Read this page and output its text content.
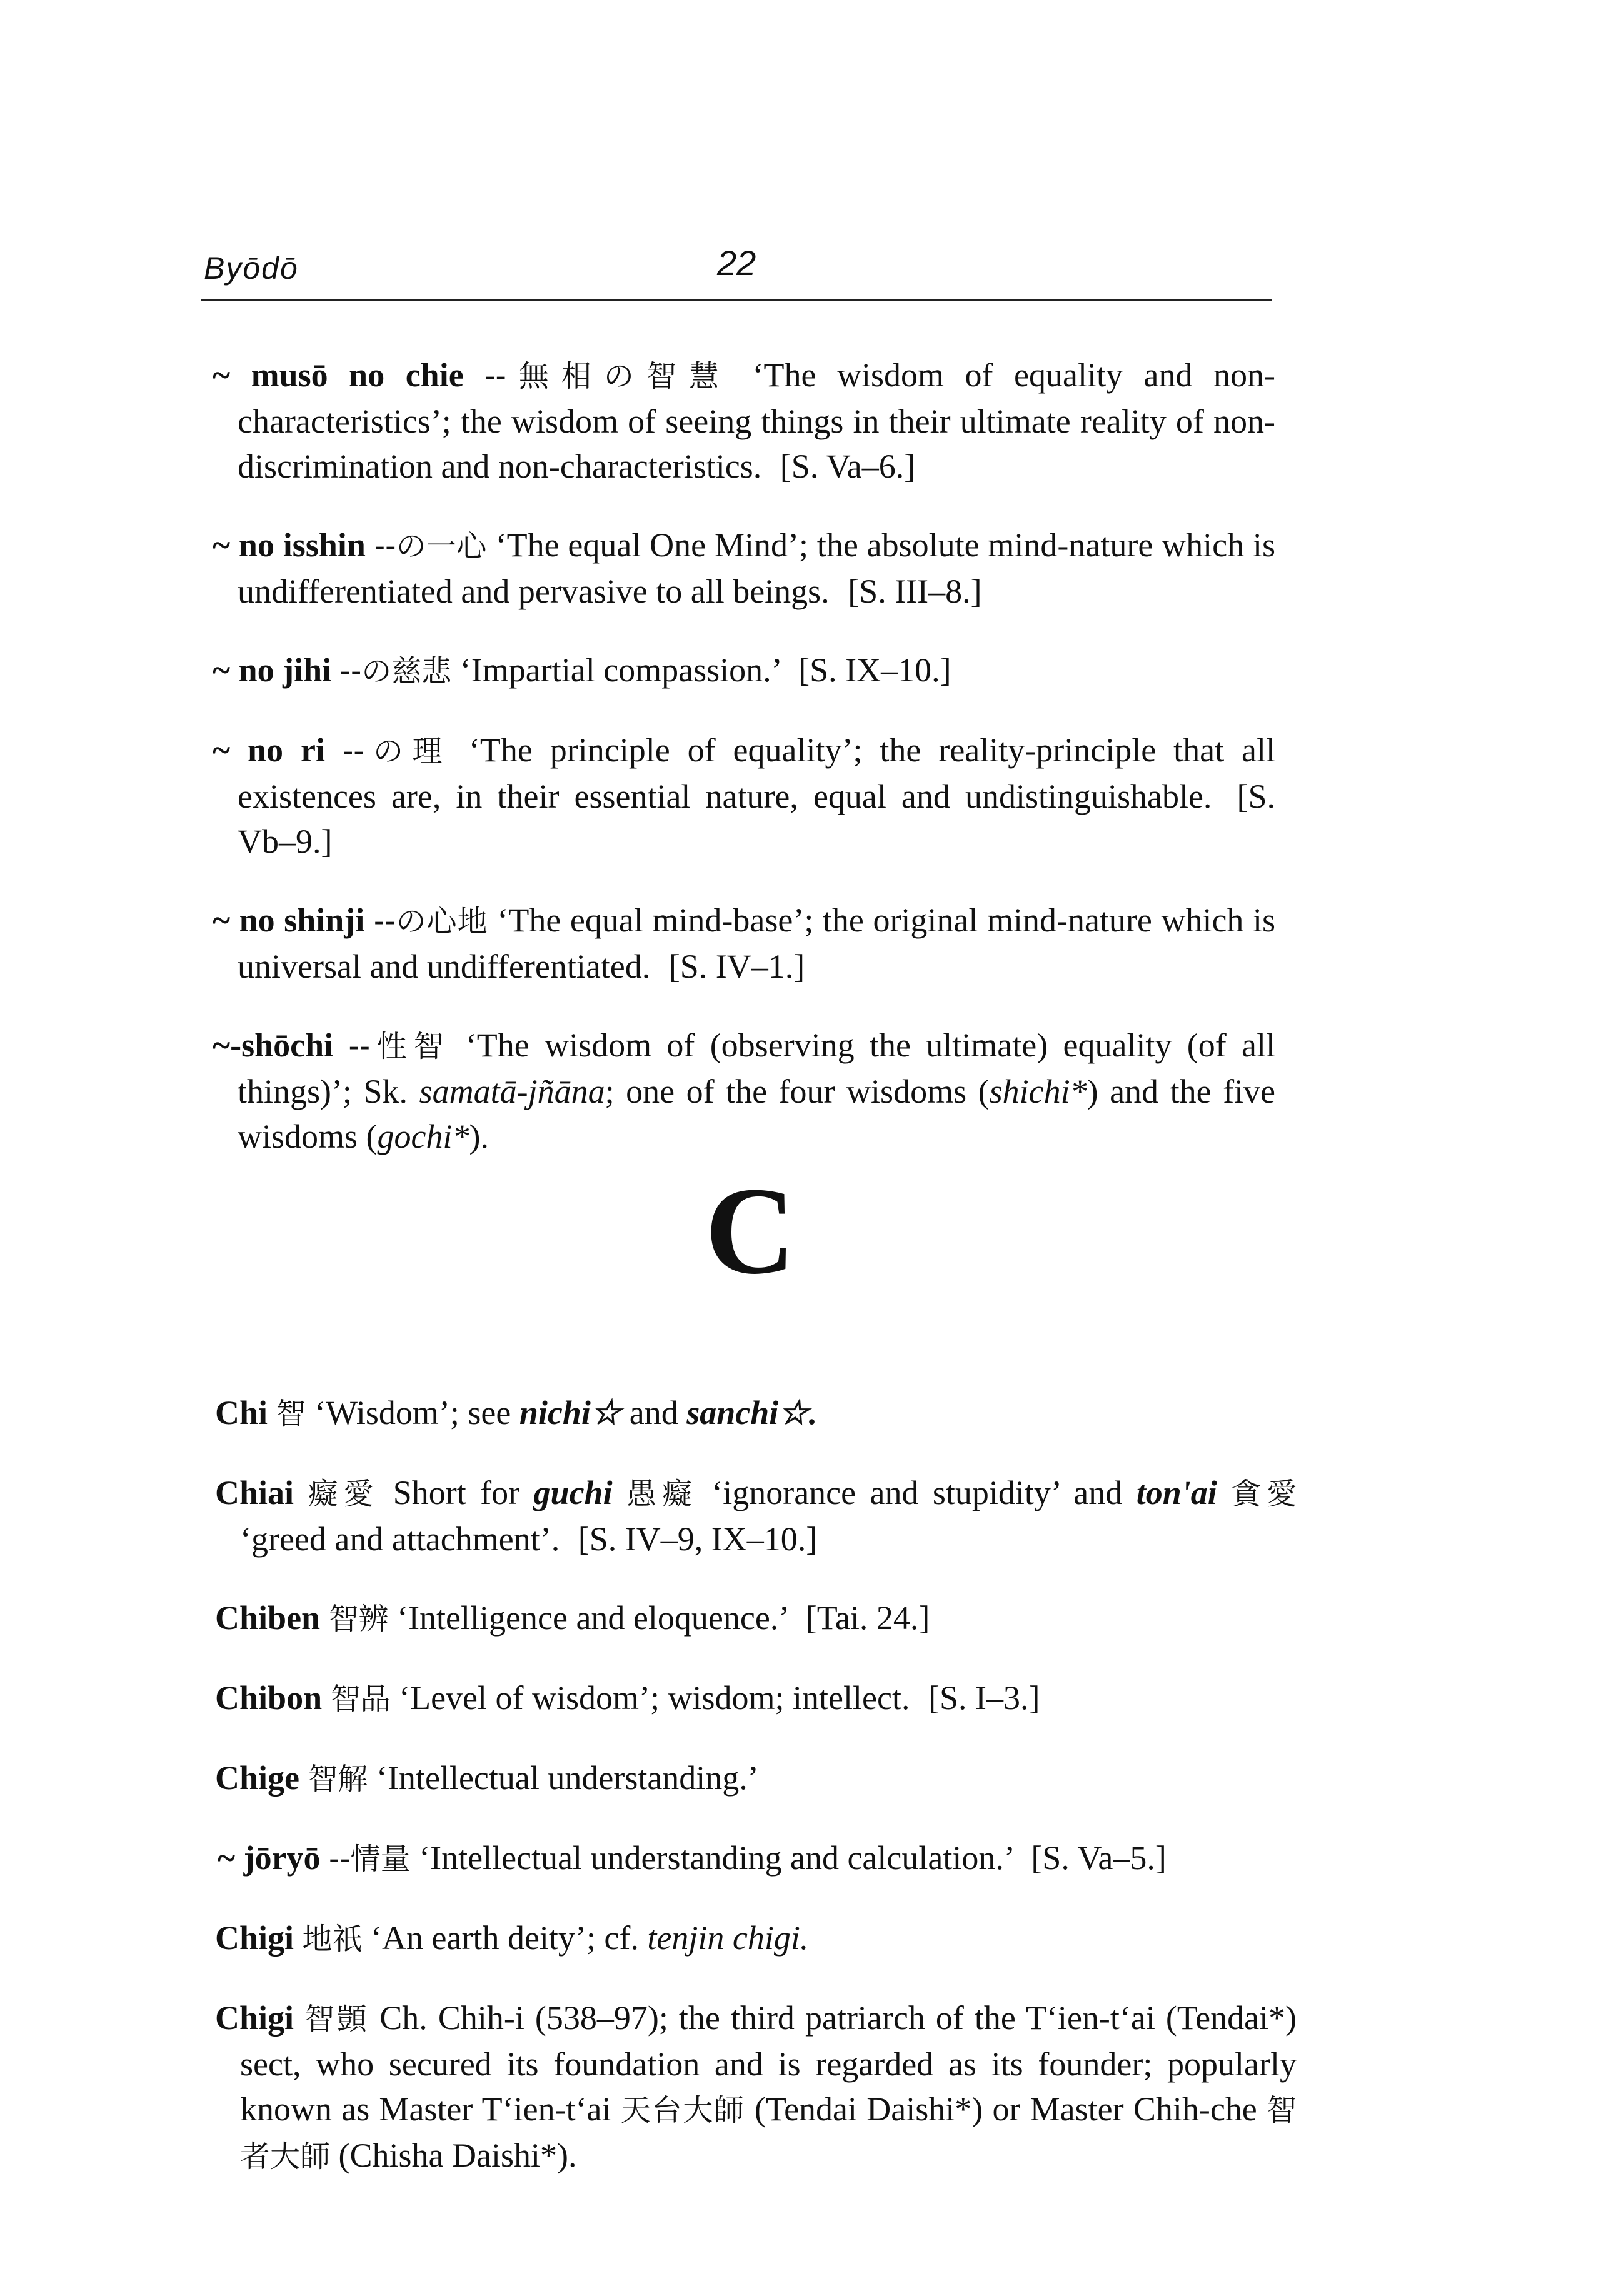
Byōdō	22

~ musō no chie --無相の智慧 ‘The wisdom of equality and non-characteristics’; the wisdom of seeing things in their ultimate reality of non-discrimination and non-characteristics. [S. Va–6.]

~ no isshin --の一心 ‘The equal One Mind’; the absolute mind-nature which is undifferentiated and pervasive to all beings. [S. III–8.]

~ no jihi --の慈悲 ‘Impartial compassion.’ [S. IX–10.]

~ no ri --の理 ‘The principle of equality’; the reality-principle that all existences are, in their essential nature, equal and undistinguishable. [S. Vb–9.]

~ no shinji --の心地 ‘The equal mind-base’; the original mind-nature which is universal and undifferentiated. [S. IV–1.]

~-shōchi --性智 ‘The wisdom of (observing the ultimate) equality (of all things)’; Sk. samatā-jñāna; one of the four wisdoms (shichi*) and the five wisdoms (gochi*).

C

Chi 智 ‘Wisdom’; see nichi☆ and sanchi☆.

Chiai 癡愛 Short for guchi 愚癡 ‘ignorance and stupidity’ and ton'ai 貪愛 ‘greed and attachment’. [S. IV–9, IX–10.]

Chiben 智辨 ‘Intelligence and eloquence.’ [Tai. 24.]

Chibon 智品 ‘Level of wisdom’; wisdom; intellect. [S. I–3.]

Chige 智解 ‘Intellectual understanding.’

~ jōryō --情量 ‘Intellectual understanding and calculation.’ [S. Va–5.]

Chigi 地祇 ‘An earth deity’; cf. tenjin chigi.

Chigi 智顗 Ch. Chih-i (538–97); the third patriarch of the T‘ien-t‘ai (Tendai*) sect, who secured its foundation and is regarded as its founder; popularly known as Master T‘ien-t‘ai 天台大師 (Tendai Daishi*) or Master Chih-che 智者大師 (Chisha Daishi*).
